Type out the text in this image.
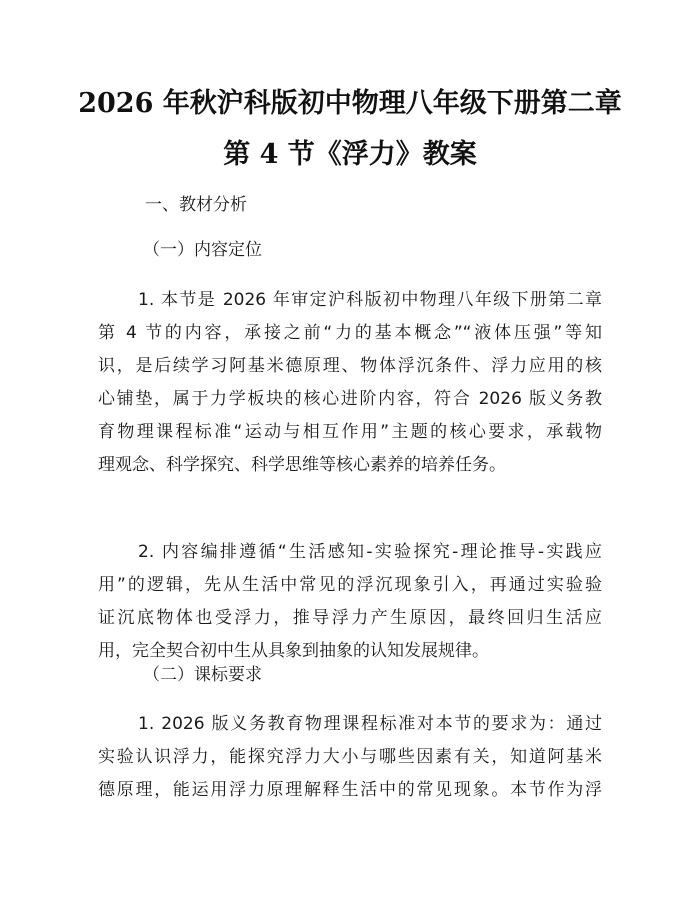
2026 年秋沪科版初中物理八年级下册第二章
第 4 节《浮力》教案
一、教材分析
（一）内容定位
1. 本节是 2026 年审定沪科版初中物理八年级下册第二章
第 4 节的内容，承接之前“力的基本概念”“液体压强”等知
识，是后续学习阿基米德原理、物体浮沉条件、浮力应用的核
心铺垫，属于力学板块的核心进阶内容，符合 2026 版义务教
育物理课程标准“运动与相互作用”主题的核心要求，承载物
理观念、科学探究、科学思维等核心素养的培养任务。
2. 内容编排遵循“生活感知-实验探究-理论推导-实践应
用”的逻辑，先从生活中常见的浮沉现象引入，再通过实验验
证沉底物体也受浮力，推导浮力产生原因，最终回归生活应
用，完全契合初中生从具象到抽象的认知发展规律。
（二）课标要求
1. 2026 版义务教育物理课程标准对本节的要求为：通过
实验认识浮力，能探究浮力大小与哪些因素有关，知道阿基米
德原理，能运用浮力原理解释生活中的常见现象。本节作为浮
